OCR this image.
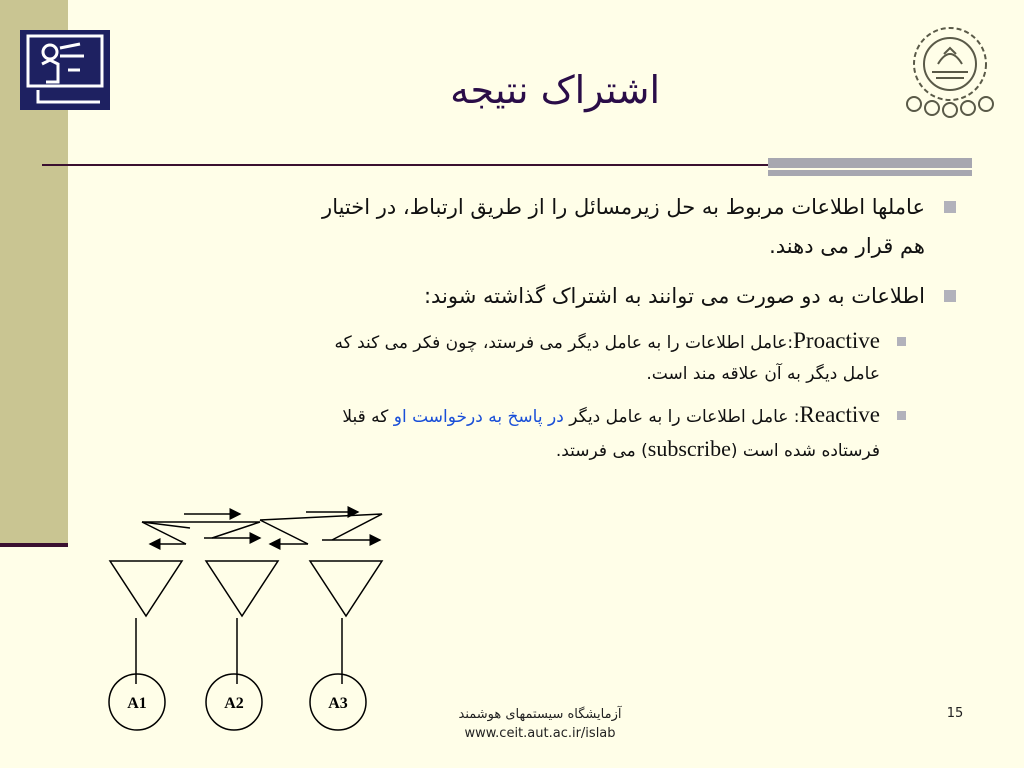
اشتراک نتیجه
عاملها اطلاعات مربوط به حل زیرمسائل را از طریق ارتباط، در اختیار
هم قرار می دهند.
اطلاعات به دو صورت می توانند به اشتراک گذاشته شوند:
Proactive:عامل اطلاعات را به عامل دیگر می فرستد، چون فکر می کند که
عامل دیگر به آن علاقه مند است.
Reactive: عامل اطلاعات را به عامل دیگر در پاسخ به درخواست او که قبلا
فرستاده شده است (subscribe) می فرستد.
A1	A2	A3
آزمایشگاه سیستمهای هوشمند
www.ceit.aut.ac.ir/islab
15
